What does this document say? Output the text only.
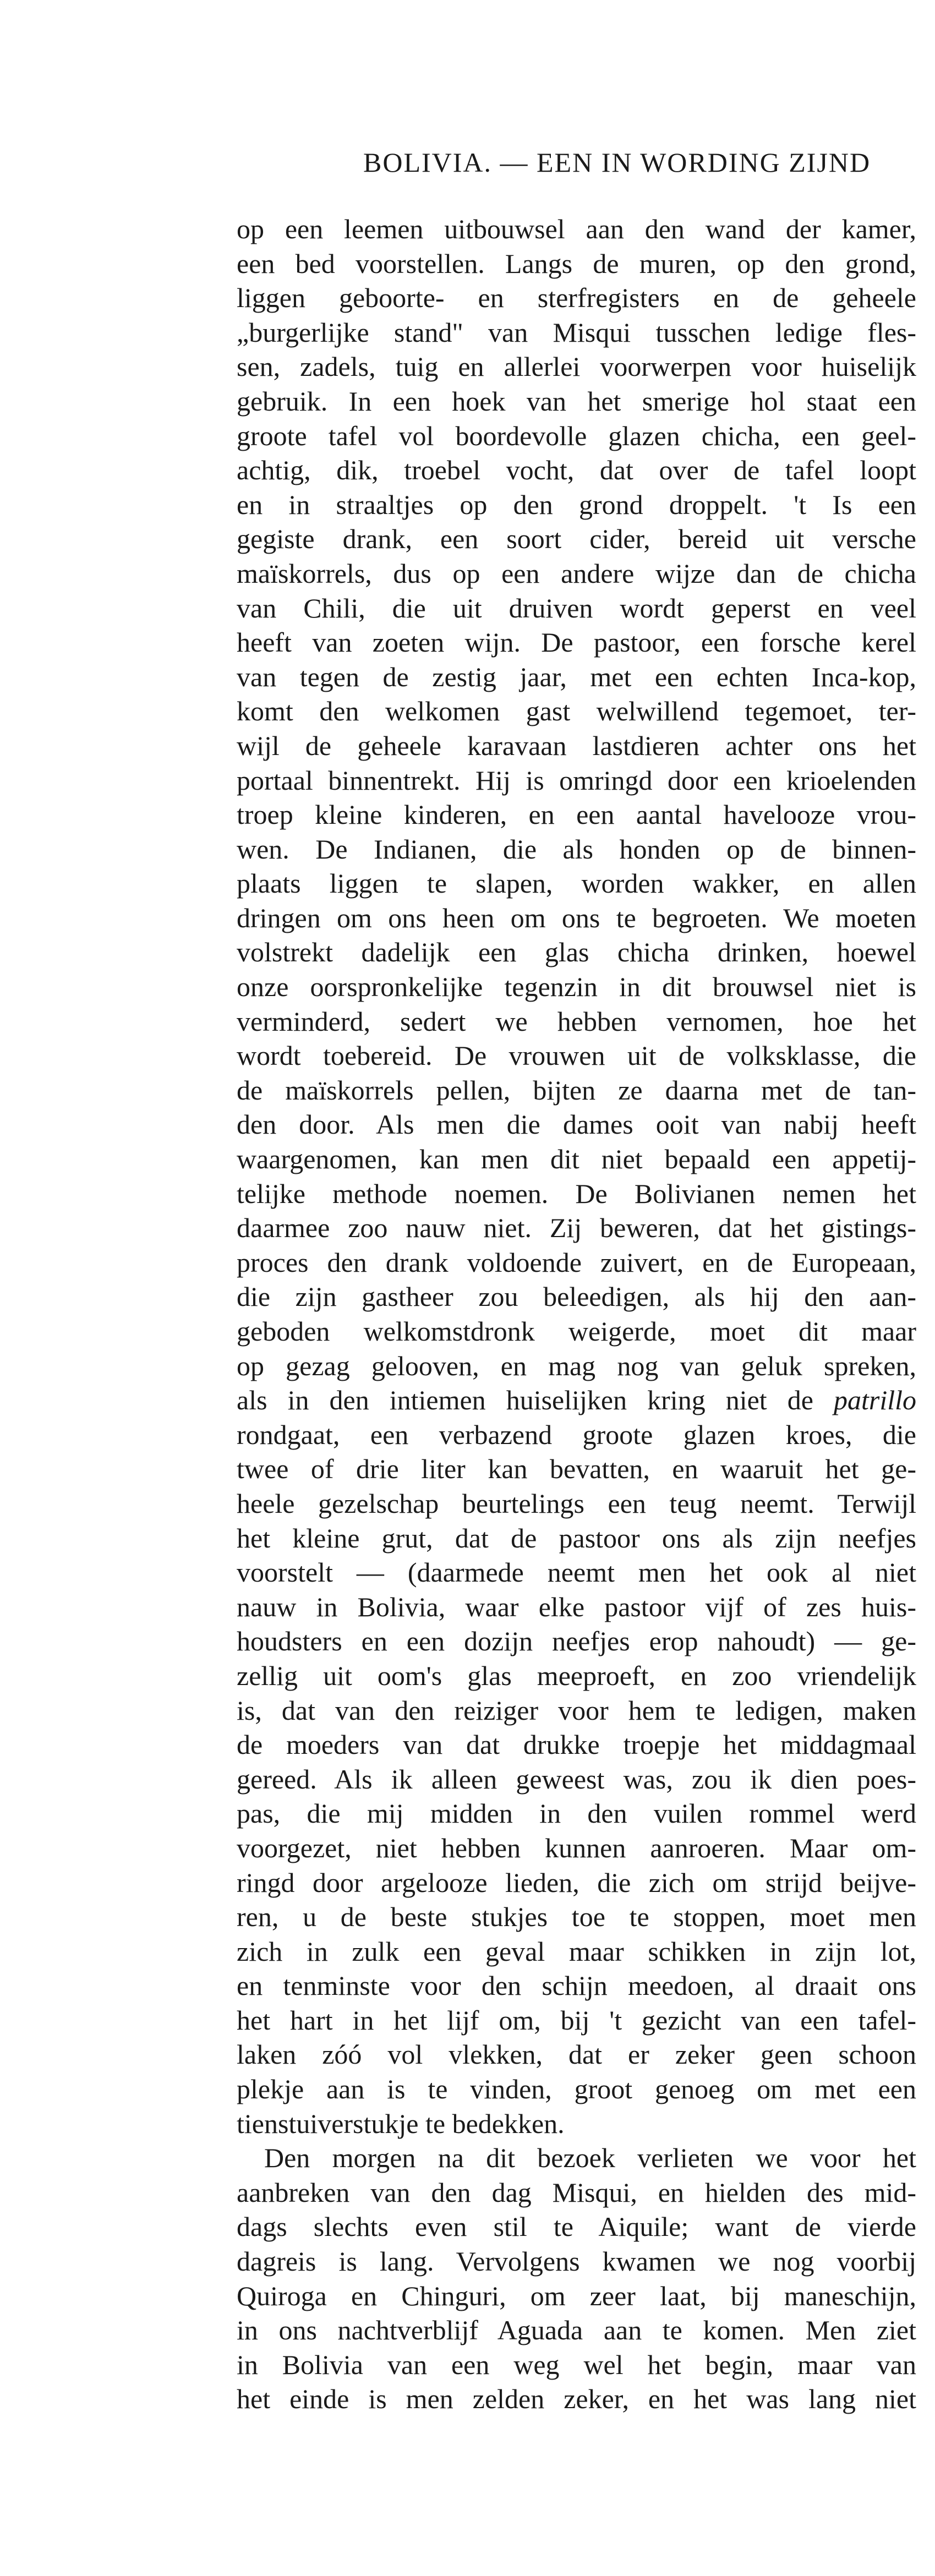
BOLIVIA. — EEN IN WORDING ZIJND
op een leemen uitbouwsel aan den wand der kamer,
een bed voorstellen. Langs de muren, op den grond,
liggen geboorte- en sterfregisters en de geheele
„burgerlijke stand" van Misqui tusschen ledige fles-
sen, zadels, tuig en allerlei voorwerpen voor huiselijk
gebruik. In een hoek van het smerige hol staat een
groote tafel vol boordevolle glazen chicha, een geel-
achtig, dik, troebel vocht, dat over de tafel loopt
en in straaltjes op den grond droppelt. 't Is een
gegiste drank, een soort cider, bereid uit versche
maïskorrels, dus op een andere wijze dan de chicha
van Chili, die uit druiven wordt geperst en veel
heeft van zoeten wijn. De pastoor, een forsche kerel
van tegen de zestig jaar, met een echten Inca-kop,
komt den welkomen gast welwillend tegemoet, ter-
wijl de geheele karavaan lastdieren achter ons het
portaal binnentrekt. Hij is omringd door een krioelenden
troep kleine kinderen, en een aantal havelooze vrou-
wen. De Indianen, die als honden op de binnen-
plaats liggen te slapen, worden wakker, en allen
dringen om ons heen om ons te begroeten. We moeten
volstrekt dadelijk een glas chicha drinken, hoewel
onze oorspronkelijke tegenzin in dit brouwsel niet is
verminderd, sedert we hebben vernomen, hoe het
wordt toebereid. De vrouwen uit de volksklasse, die
de maïskorrels pellen, bijten ze daarna met de tan-
den door. Als men die dames ooit van nabij heeft
waargenomen, kan men dit niet bepaald een appetij-
telijke methode noemen. De Bolivianen nemen het
daarmee zoo nauw niet. Zij beweren, dat het gistings-
proces den drank voldoende zuivert, en de Europeaan,
die zijn gastheer zou beleedigen, als hij den aan-
geboden welkomstdronk weigerde, moet dit maar
op gezag gelooven, en mag nog van geluk spreken,
als in den intiemen huiselijken kring niet de patrillo
rondgaat, een verbazend groote glazen kroes, die
twee of drie liter kan bevatten, en waaruit het ge-
heele gezelschap beurtelings een teug neemt. Terwijl
het kleine grut, dat de pastoor ons als zijn neefjes
voorstelt — (daarmede neemt men het ook al niet
nauw in Bolivia, waar elke pastoor vijf of zes huis-
houdsters en een dozijn neefjes erop nahoudt) — ge-
zellig uit oom's glas meeproeft, en zoo vriendelijk
is, dat van den reiziger voor hem te ledigen, maken
de moeders van dat drukke troepje het middagmaal
gereed. Als ik alleen geweest was, zou ik dien poes-
pas, die mij midden in den vuilen rommel werd
voorgezet, niet hebben kunnen aanroeren. Maar om-
ringd door argelooze lieden, die zich om strijd beijve-
ren, u de beste stukjes toe te stoppen, moet men
zich in zulk een geval maar schikken in zijn lot,
en tenminste voor den schijn meedoen, al draait ons
het hart in het lijf om, bij 't gezicht van een tafel-
laken zóó vol vlekken, dat er zeker geen schoon
plekje aan is te vinden, groot genoeg om met een
tienstuiverstukje te bedekken.
Den morgen na dit bezoek verlieten we voor het
aanbreken van den dag Misqui, en hielden des mid-
dags slechts even stil te Aiquile; want de vierde
dagreis is lang. Vervolgens kwamen we nog voorbij
Quiroga en Chinguri, om zeer laat, bij maneschijn,
in ons nachtverblijf Aguada aan te komen. Men ziet
in Bolivia van een weg wel het begin, maar van
het einde is men zelden zeker, en het was lang niet
